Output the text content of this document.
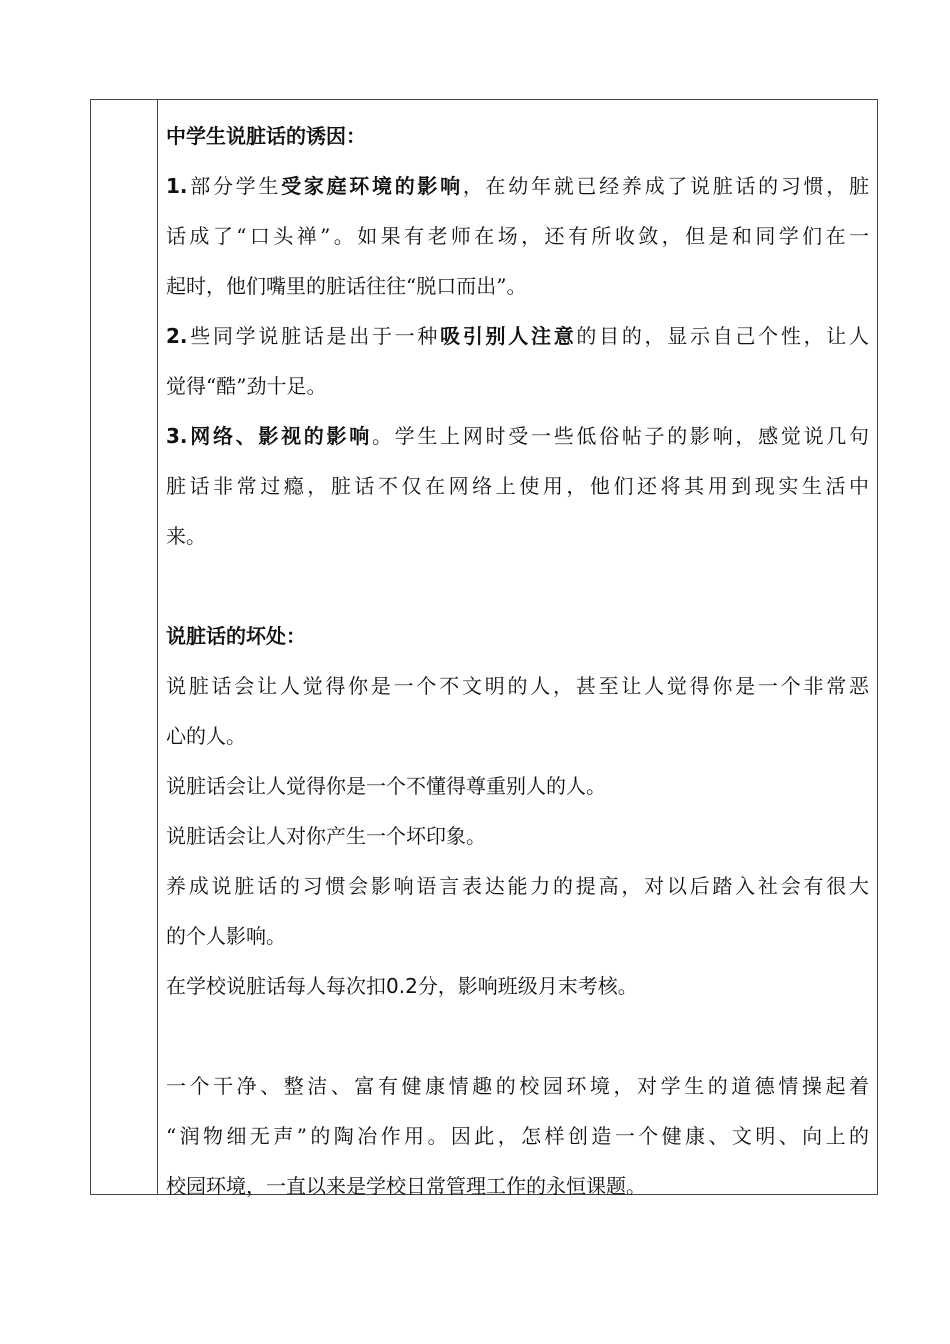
中学生说脏话的诱因：
1.部分学生受家庭环境的影响，在幼年就已经养成了说脏话的习惯，脏
话成了“口头禅”。如果有老师在场，还有所收敛，但是和同学们在一
起时，他们嘴里的脏话往往“脱口而出”。
2.些同学说脏话是出于一种吸引别人注意的目的，显示自己个性，让人
觉得“酷”劲十足。
3.网络、影视的影响。学生上网时受一些低俗帖子的影响，感觉说几句
脏话非常过瘾，脏话不仅在网络上使用，他们还将其用到现实生活中
来。
说脏话的坏处：
说脏话会让人觉得你是一个不文明的人，甚至让人觉得你是一个非常恶
心的人。
说脏话会让人觉得你是一个不懂得尊重别人的人。
说脏话会让人对你产生一个坏印象。
养成说脏话的习惯会影响语言表达能力的提高，对以后踏入社会有很大
的个人影响。
在学校说脏话每人每次扣0.2分，影响班级月末考核。
一个干净、整洁、富有健康情趣的校园环境，对学生的道德情操起着
“润物细无声”的陶冶作用。因此，怎样创造一个健康、文明、向上的
校园环境，一直以来是学校日常管理工作的永恒课题。
